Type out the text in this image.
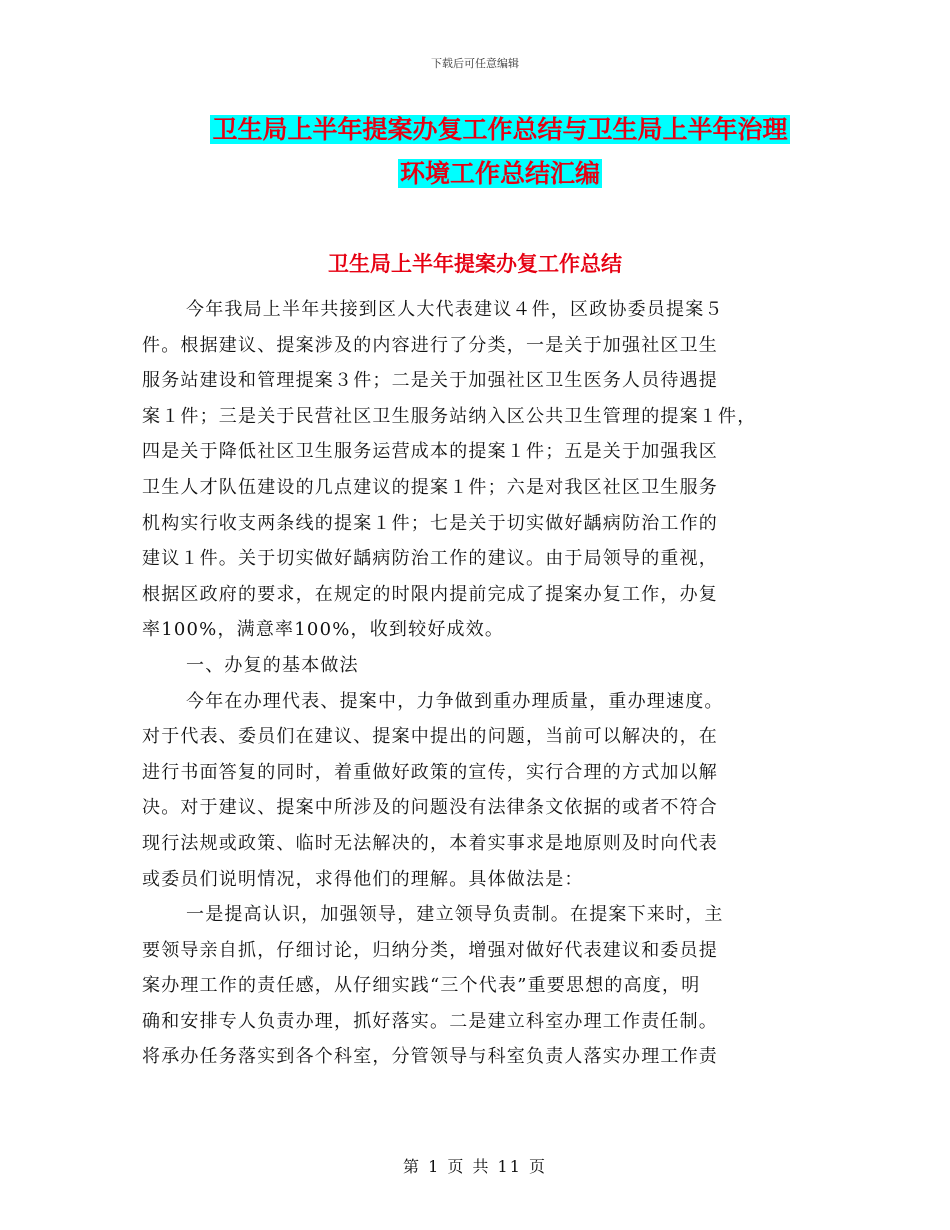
下载后可任意编辑
卫生局上半年提案办复工作总结与卫生局上半年治理
环境工作总结汇编
卫生局上半年提案办复工作总结
今年我局上半年共接到区人大代表建议４件，区政协委员提案５
件。根据建议、提案涉及的内容进行了分类，一是关于加强社区卫生
服务站建设和管理提案３件；二是关于加强社区卫生医务人员待遇提
案１件；三是关于民营社区卫生服务站纳入区公共卫生管理的提案１件，
四是关于降低社区卫生服务运营成本的提案１件；五是关于加强我区
卫生人才队伍建设的几点建议的提案１件；六是对我区社区卫生服务
机构实行收支两条线的提案１件；七是关于切实做好龋病防治工作的
建议１件。关于切实做好龋病防治工作的建议。由于局领导的重视，
根据区政府的要求，在规定的时限内提前完成了提案办复工作，办复
率100%，满意率100%，收到较好成效。
一、办复的基本做法
今年在办理代表、提案中，力争做到重办理质量，重办理速度。
对于代表、委员们在建议、提案中提出的问题，当前可以解决的，在
进行书面答复的同时，着重做好政策的宣传，实行合理的方式加以解
决。对于建议、提案中所涉及的问题没有法律条文依据的或者不符合
现行法规或政策、临时无法解决的，本着实事求是地原则及时向代表
或委员们说明情况，求得他们的理解。具体做法是：
一是提高认识，加强领导，建立领导负责制。在提案下来时，主
要领导亲自抓，仔细讨论，归纳分类，增强对做好代表建议和委员提
案办理工作的责任感，从仔细实践“三个代表”重要思想的高度，明
确和安排专人负责办理，抓好落实。二是建立科室办理工作责任制。
将承办任务落实到各个科室，分管领导与科室负责人落实办理工作责
第 1 页 共 11 页
